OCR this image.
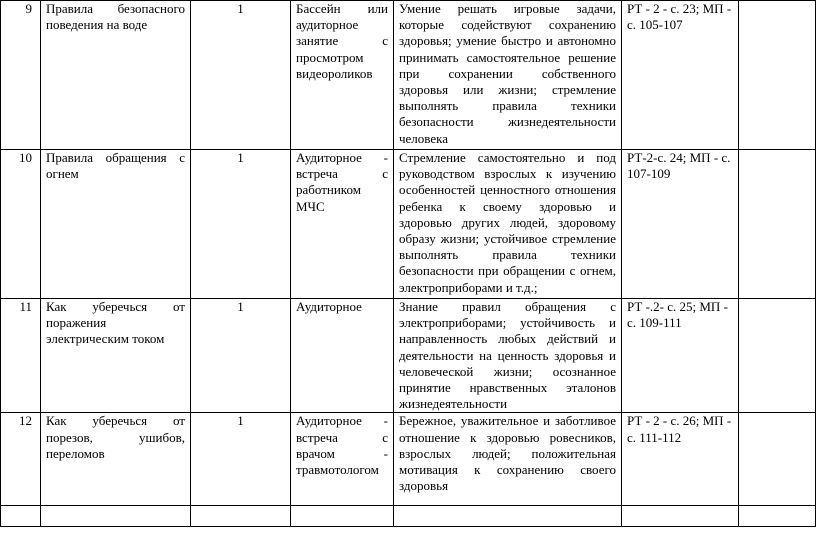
9	Правила безопасного поведения на воде	1	Бассейн или аудиторное занятие с просмотром видеороликов	Умение решать игровые задачи, которые содействуют сохранению здоровья; умение быстро и автономно принимать самостоятельное решение при сохранении собственного здоровья или жизни; стремление выполнять правила техники безопасности жизнедеятельности человека	РТ - 2 - с. 23; МП - с. 105-107	
10	Правила обращения с огнем	1	Аудиторное - встреча с работником МЧС	Стремление самостоятельно и под руководством взрослых к изучению особенностей ценностного отношения ребенка к своему здоровью и здоровью других людей, здоровому образу жизни; устойчивое стремление выполнять правила техники безопасности при обращении с огнем, электроприборами и т.д.;	РТ-2-с. 24; МП - с. 107-109	
11	Как уберечься от поражения электрическим током	1	Аудиторное	Знание правил обращения с электроприборами; устойчивость и направленность любых действий и деятельности на ценность здоровья и человеческой жизни; осознанное принятие нравственных эталонов жизнедеятельности	РТ -.2- с. 25; МП - с. 109-111	
12	Как уберечься от порезов, ушибов, переломов	1	Аудиторное - встреча с врачом - травмотологом	Бережное, уважительное и заботливое отношение к здоровью ровесников, взрослых людей; положительная мотивация к сохранению своего здоровья	РТ - 2 - с. 26; МП - с. 111-112	
